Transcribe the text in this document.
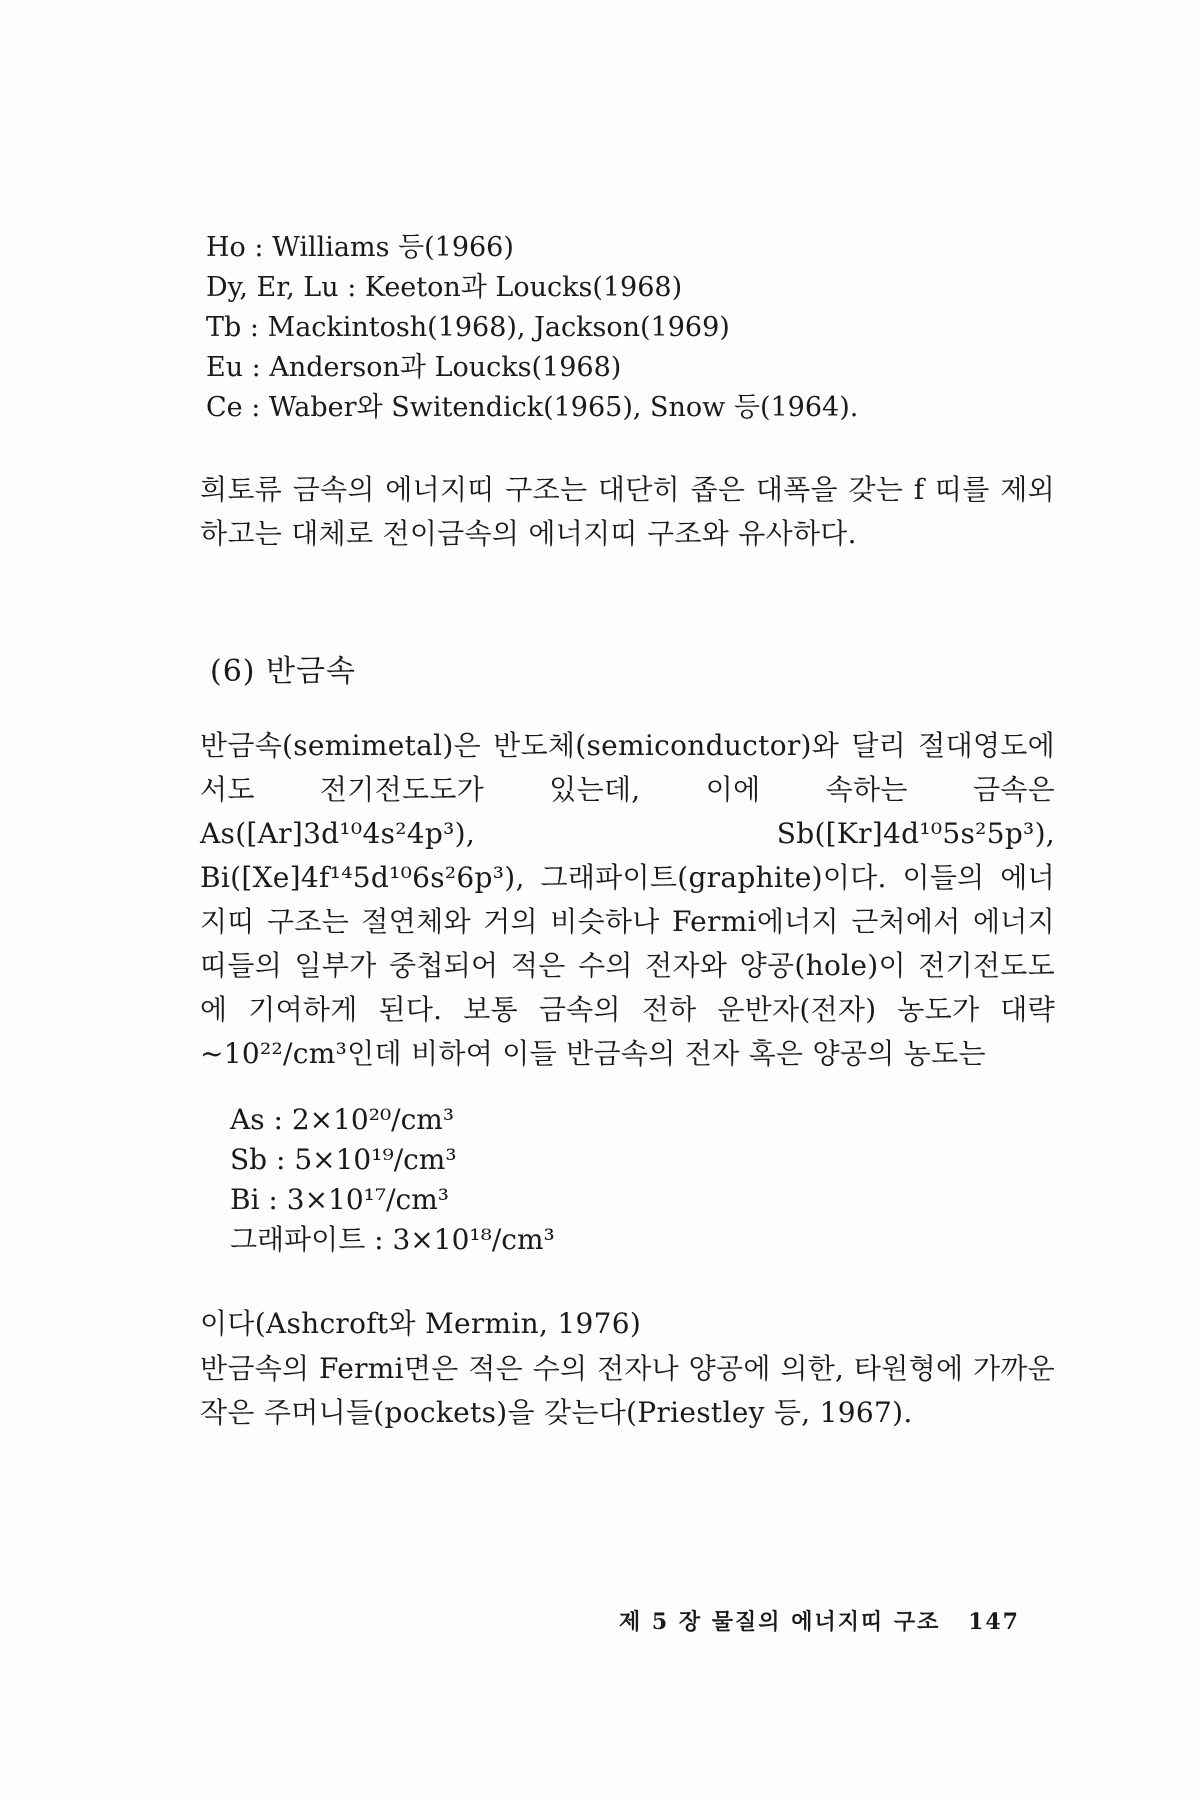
Ho : Williams 등(1966)
Dy, Er, Lu : Keeton과 Loucks(1968)
Tb : Mackintosh(1968), Jackson(1969)
Eu : Anderson과 Loucks(1968)
Ce : Waber와 Switendick(1965), Snow 등(1964).

희토류 금속의 에너지띠 구조는 대단히 좁은 대폭을 갖는 f 띠를 제외하고는 대체로 전이금속의 에너지띠 구조와 유사하다.

(6) 반금속

반금속(semimetal)은 반도체(semiconductor)와 달리 절대영도에서도 전기전도도가 있는데, 이에 속하는 금속은 As([Ar]3d¹⁰4s²4p³), Sb([Kr]4d¹⁰5s²5p³), Bi([Xe]4f¹⁴5d¹⁰6s²6p³), 그래파이트(graphite)이다. 이들의 에너지띠 구조는 절연체와 거의 비슷하나 Fermi에너지 근처에서 에너지띠들의 일부가 중첩되어 적은 수의 전자와 양공(hole)이 전기전도도에 기여하게 된다. 보통 금속의 전하 운반자(전자) 농도가 대략 ~10²²/cm³인데 비하여 이들 반금속의 전자 혹은 양공의 농도는

As : 2×10²⁰/cm³
Sb : 5×10¹⁹/cm³
Bi : 3×10¹⁷/cm³
그래파이트 : 3×10¹⁸/cm³

이다(Ashcroft와 Mermin, 1976)

반금속의 Fermi면은 적은 수의 전자나 양공에 의한, 타원형에 가까운 작은 주머니들(pockets)을 갖는다(Priestley 등, 1967).

제 5 장 물질의 에너지띠 구조 147
